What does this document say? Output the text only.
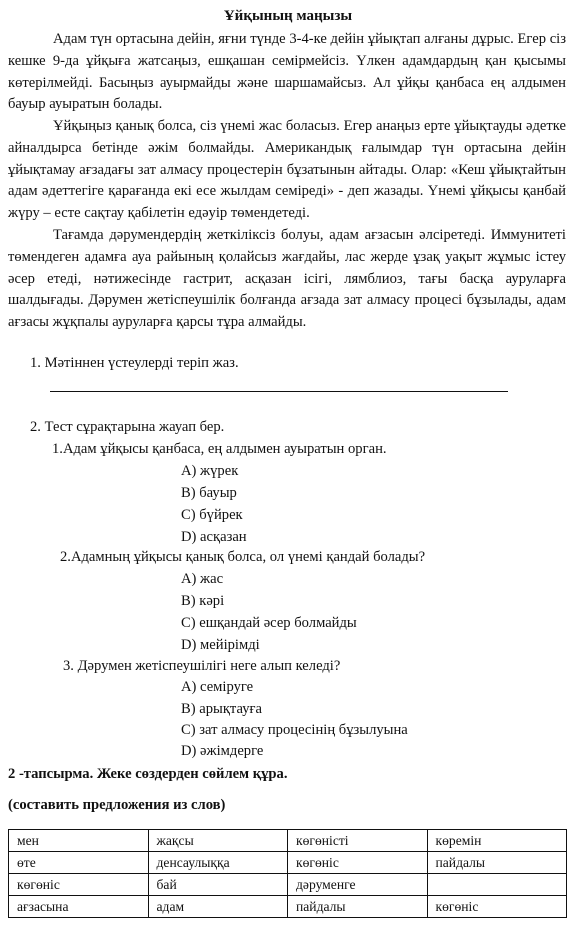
Ұйқының маңызы

Адам түн ортасына дейін, яғни түнде 3-4-ке дейін ұйықтап алғаны дұрыс. Егер сіз кешке 9-да ұйқыға жатсаңыз, ешқашан семірмейсіз. Үлкен адамдардың қан қысымы көтерілмейді. Басыңыз ауырмайды және шаршамайсыз. Ал ұйқы қанбаса ең алдымен бауыр ауыратын болады.

Ұйқыңыз қанық болса, сіз үнемі жас боласыз. Егер анаңыз ерте ұйықтауды әдетке айналдырса бетінде әжім болмайды. Американдық ғалымдар түн ортасына дейін ұйықтамау ағзадағы зат алмасу процестерін бұзатынын айтады. Олар: «Кеш ұйықтайтын адам әдеттегіге қарағанда екі есе жылдам семіреді» - деп жазады. Үнемі ұйқысы қанбай жүру – есте сақтау қабілетін едәуір төмендетеді.

Тағамда дәрумендердің жеткіліксіз болуы, адам ағзасын әлсіретеді. Иммунитеті төмендеген адамға ауа райының қолайсыз жағдайы, лас жерде ұзақ уақыт жұмыс істеу әсер етеді, нәтижесінде гастрит, асқазан ісігі, лямблиоз, тағы басқа ауруларға шалдығады. Дәрумен жетіспеушілік болғанда ағзада зат алмасу процесі бұзылады, адам ағзасы жұқпалы ауруларға қарсы тұра алмайды.

1. Мәтіннен үстеулерді теріп жаз.
2. Тест сұрақтарына жауап бер.
1.Адам ұйқысы қанбаса, ең алдымен ауыратын орган.
A) жүрек
B) бауыр
C) бүйрек
D) асқазан
2.Адамның ұйқысы қанық болса, ол үнемі қандай болады?
A) жас
B) кәрі
C) ешқандай әсер болмайды
D) мейірімді
3. Дәрумен жетіспеушілігі неге алып келеді?
A) семіруге
B) арықтауға
C) зат алмасу процесінің бұзылуына
D) әжімдерге
2 -тапсырма. Жеке сөздерден сөйлем құра.
(составить предложения из слов)
мен	жақсы	көгөністі	көремін
өте	денсаулыққа	көгөніс	пайдалы
көгөніс	бай	дәруменге	
ағзасына	адам	пайдалы	көгөніс
